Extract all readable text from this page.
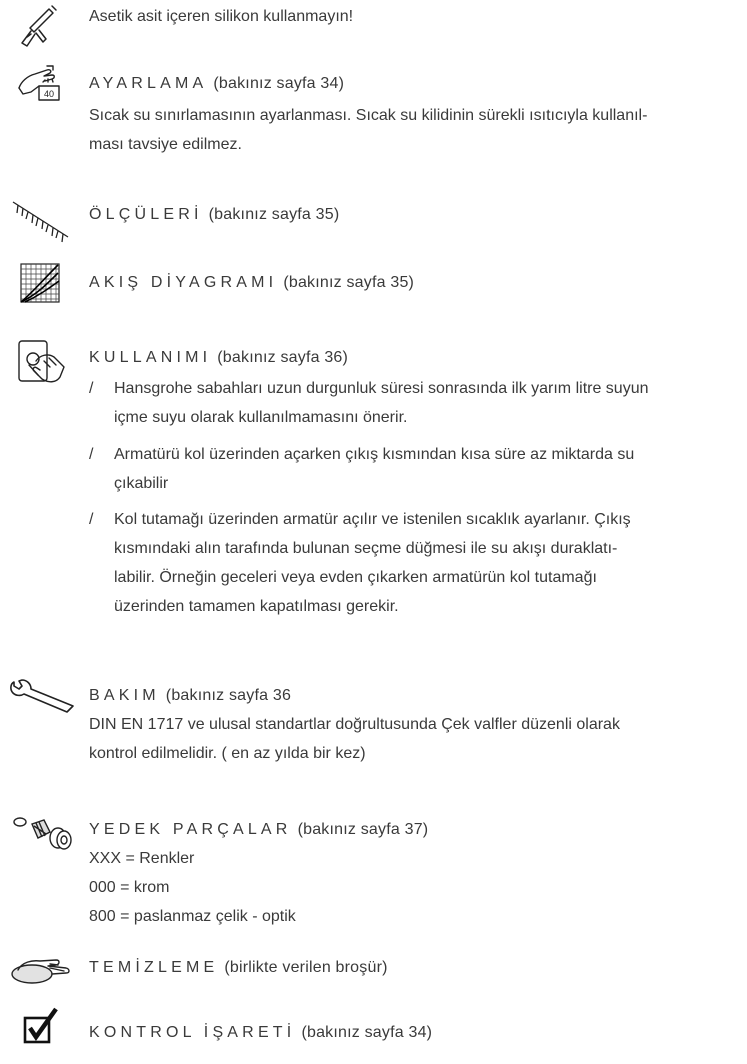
Asetik asit içeren silikon kullanmayın!
40
AYARLAMA (bakınız sayfa 34)
Sıcak su sınırlamasının ayarlanması. Sıcak su kilidinin sürekli ısıtıcıyla kullanıl-
ması tavsiye edilmez.
ÖLÇÜLERİ (bakınız sayfa 35)
AKIŞ DİYAGRAMI (bakınız sayfa 35)
KULLANIMI (bakınız sayfa 36)
/ Hansgrohe sabahları uzun durgunluk süresi sonrasında ilk yarım litre suyun
içme suyu olarak kullanılmamasını önerir.
/ Armatürü kol üzerinden açarken çıkış kısmından kısa süre az miktarda su
çıkabilir
/ Kol tutamağı üzerinden armatür açılır ve istenilen sıcaklık ayarlanır. Çıkış
kısmındaki alın tarafında bulunan seçme düğmesi ile su akışı duraklatı-
labilir. Örneğin geceleri veya evden çıkarken armatürün kol tutamağı
üzerinden tamamen kapatılması gerekir.
BAKIM (bakınız sayfa 36
DIN EN 1717 ve ulusal standartlar doğrultusunda Çek valfler düzenli olarak
kontrol edilmelidir. ( en az yılda bir kez)
YEDEK PARÇALAR (bakınız sayfa 37)
XXX = Renkler
000 = krom
800 = paslanmaz çelik - optik
TEMİZLEME (birlikte verilen broşür)
KONTROL İŞARETİ (bakınız sayfa 34)
